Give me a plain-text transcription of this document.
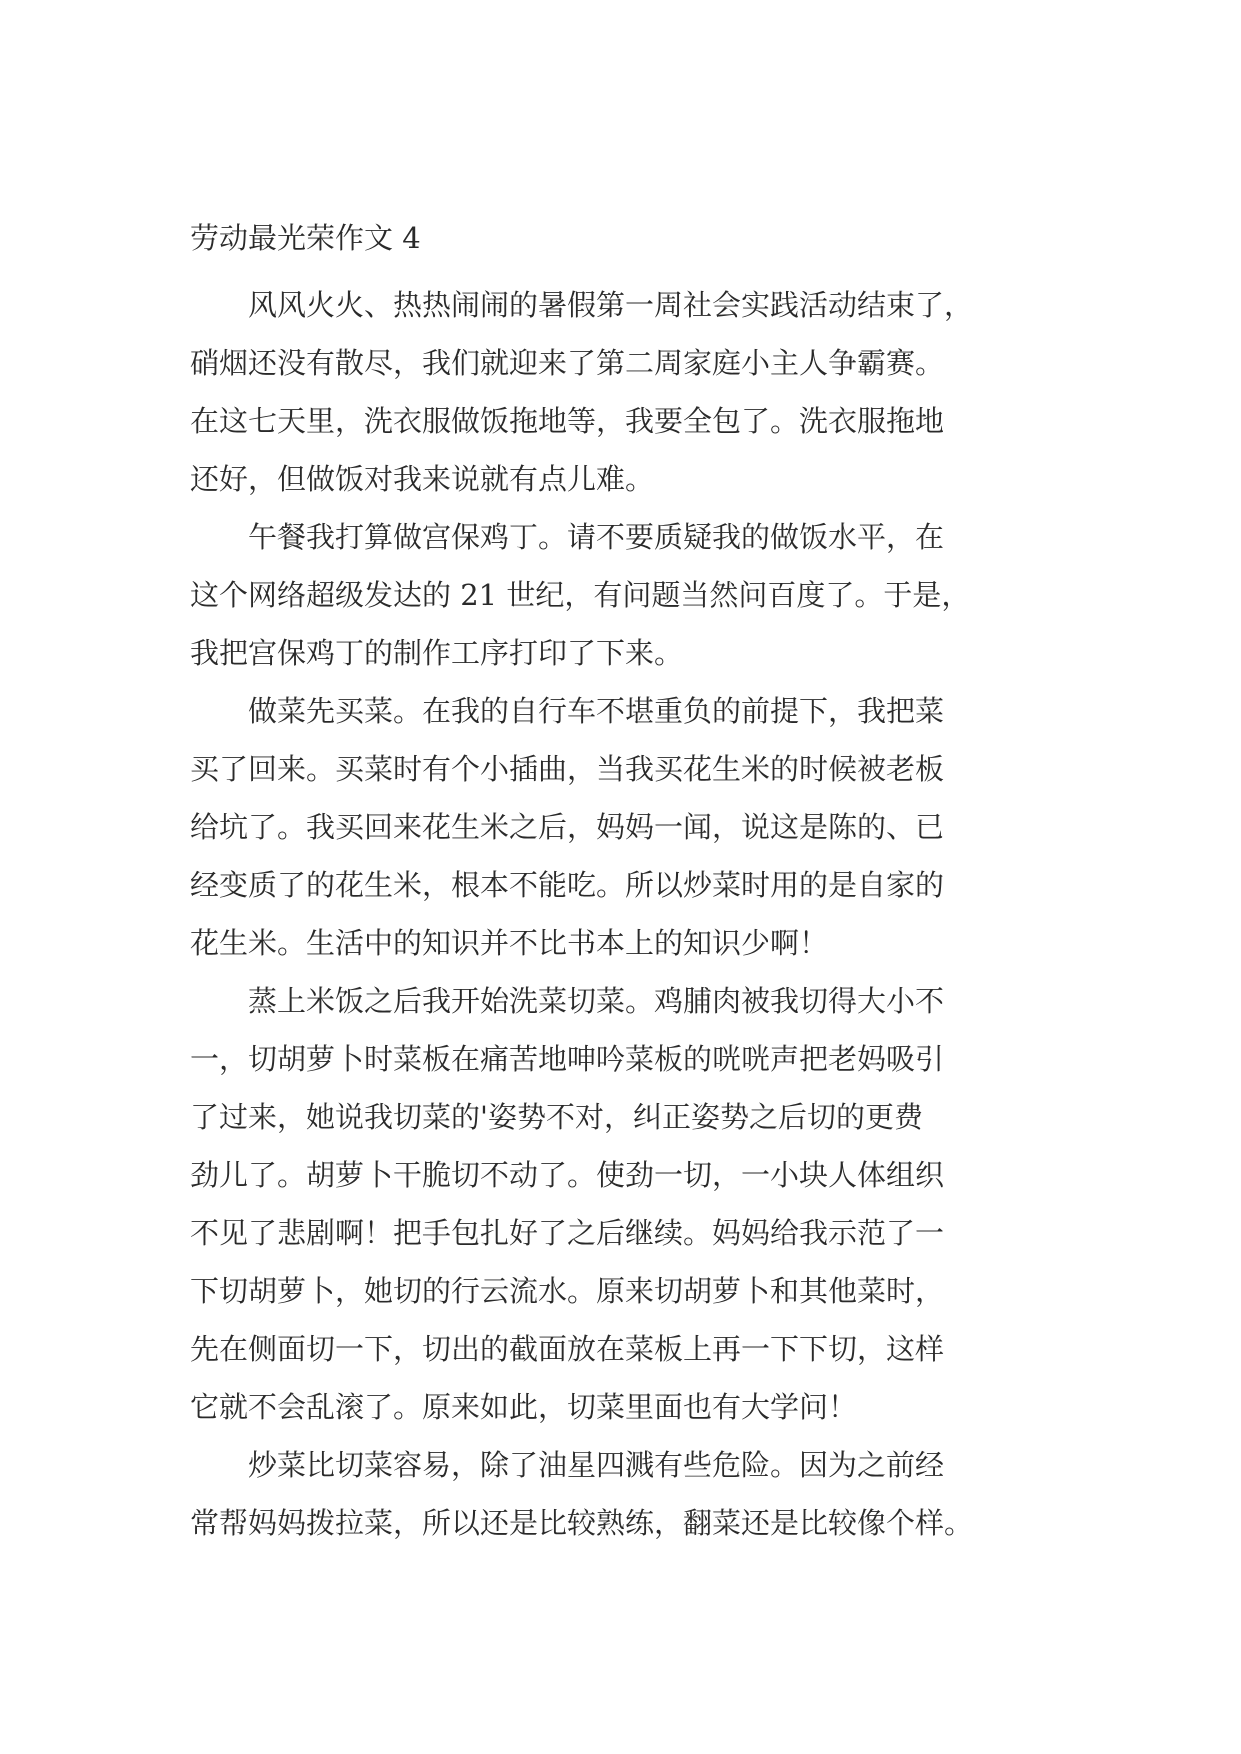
劳动最光荣作文 4

风风火火、热热闹闹的暑假第一周社会实践活动结束了，
硝烟还没有散尽，我们就迎来了第二周家庭小主人争霸赛。
在这七天里，洗衣服做饭拖地等，我要全包了。洗衣服拖地
还好，但做饭对我来说就有点儿难。

午餐我打算做宫保鸡丁。请不要质疑我的做饭水平，在
这个网络超级发达的 21 世纪，有问题当然问百度了。于是，
我把宫保鸡丁的制作工序打印了下来。

做菜先买菜。在我的自行车不堪重负的前提下，我把菜
买了回来。买菜时有个小插曲，当我买花生米的时候被老板
给坑了。我买回来花生米之后，妈妈一闻，说这是陈的、已
经变质了的花生米，根本不能吃。所以炒菜时用的是自家的
花生米。生活中的知识并不比书本上的知识少啊！

蒸上米饭之后我开始洗菜切菜。鸡脯肉被我切得大小不
一，切胡萝卜时菜板在痛苦地呻吟菜板的咣咣声把老妈吸引
了过来，她说我切菜的'姿势不对，纠正姿势之后切的更费
劲儿了。胡萝卜干脆切不动了。使劲一切，一小块人体组织
不见了悲剧啊！把手包扎好了之后继续。妈妈给我示范了一
下切胡萝卜，她切的行云流水。原来切胡萝卜和其他菜时，
先在侧面切一下，切出的截面放在菜板上再一下下切，这样
它就不会乱滚了。原来如此，切菜里面也有大学问！

炒菜比切菜容易，除了油星四溅有些危险。因为之前经
常帮妈妈拨拉菜，所以还是比较熟练，翻菜还是比较像个样。
